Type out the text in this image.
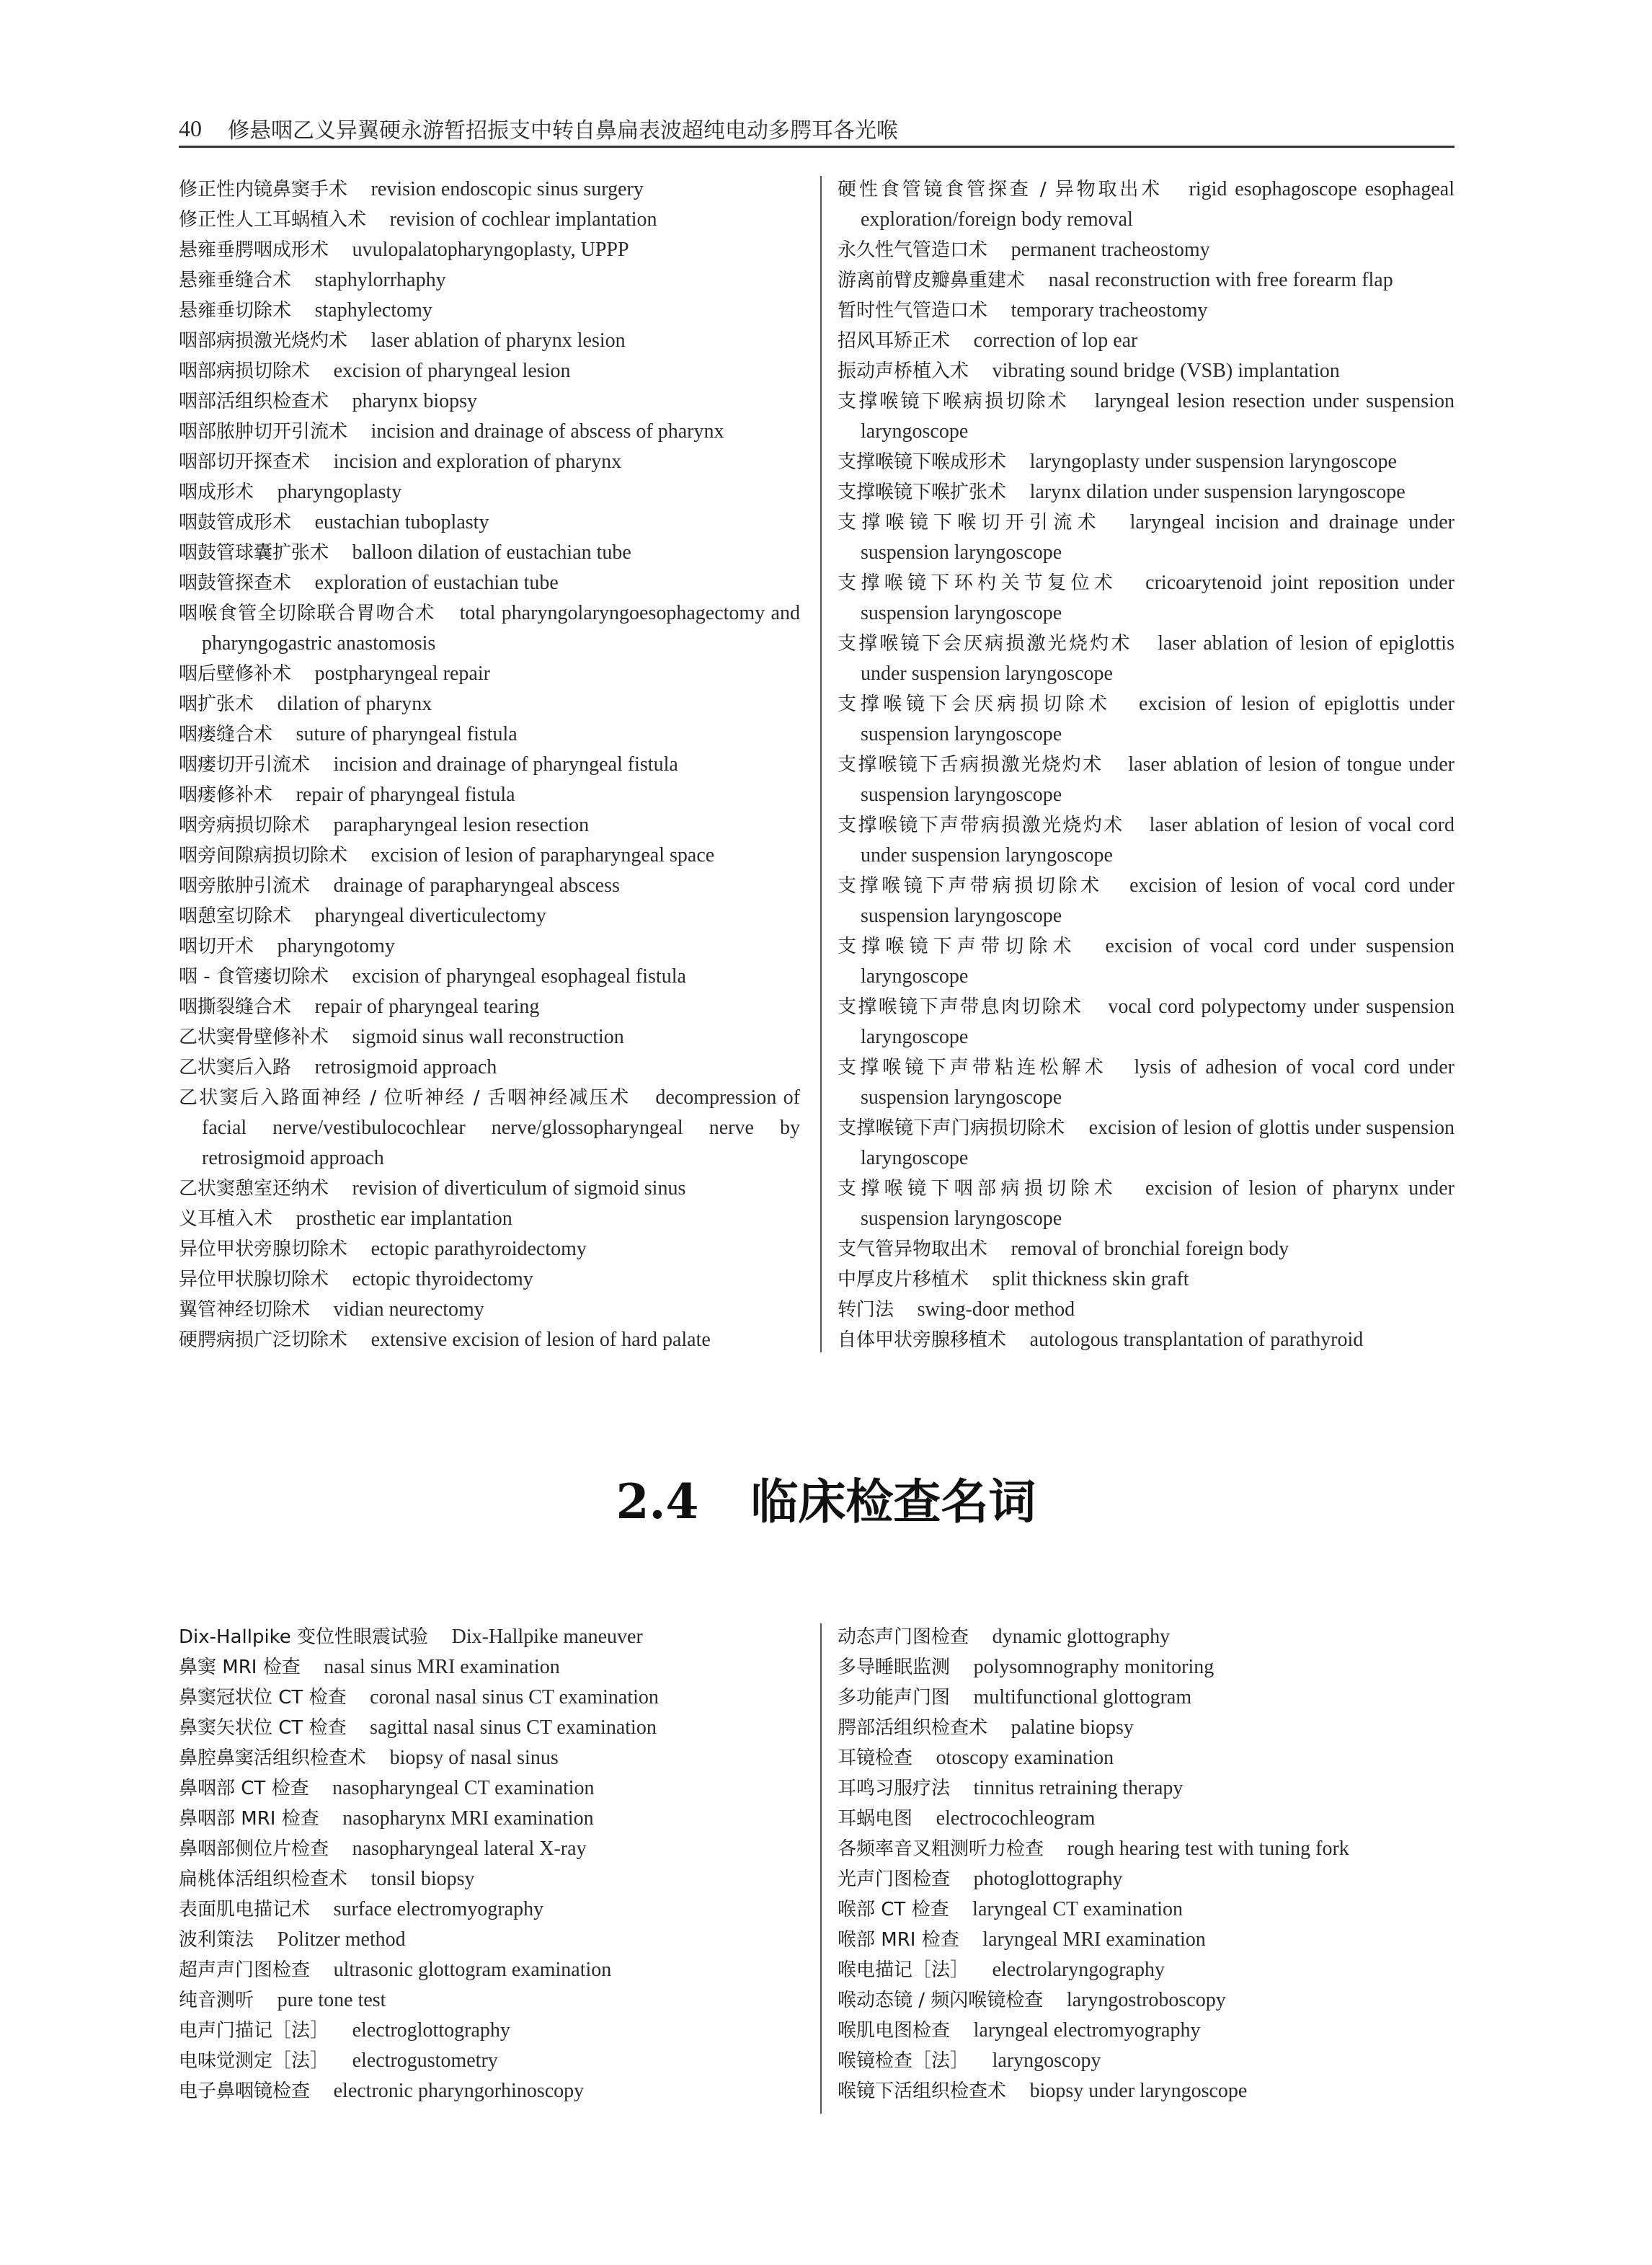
40 修悬咽乙义异翼硬永游暂招振支中转自鼻扁表波超纯电动多腭耳各光喉
修正性内镜鼻窦手术 revision endoscopic sinus surgery
修正性人工耳蜗植入术 revision of cochlear implantation
悬雍垂腭咽成形术 uvulopalatopharyngoplasty, UPPP
悬雍垂缝合术 staphylorrhaphy
悬雍垂切除术 staphylectomy
咽部病损激光烧灼术 laser ablation of pharynx lesion
咽部病损切除术 excision of pharyngeal lesion
咽部活组织检查术 pharynx biopsy
咽部脓肿切开引流术 incision and drainage of abscess of pharynx
咽部切开探查术 incision and exploration of pharynx
咽成形术 pharyngoplasty
咽鼓管成形术 eustachian tuboplasty
咽鼓管球囊扩张术 balloon dilation of eustachian tube
咽鼓管探查术 exploration of eustachian tube
咽喉食管全切除联合胃吻合术 total pharyngolaryngoesophagectomy and pharyngogastric anastomosis
咽后壁修补术 postpharyngeal repair
咽扩张术 dilation of pharynx
咽瘘缝合术 suture of pharyngeal fistula
咽瘘切开引流术 incision and drainage of pharyngeal fistula
咽瘘修补术 repair of pharyngeal fistula
咽旁病损切除术 parapharyngeal lesion resection
咽旁间隙病损切除术 excision of lesion of parapharyngeal space
咽旁脓肿引流术 drainage of parapharyngeal abscess
咽憩室切除术 pharyngeal diverticulectomy
咽切开术 pharyngotomy
咽 - 食管瘘切除术 excision of pharyngeal esophageal fistula
咽撕裂缝合术 repair of pharyngeal tearing
乙状窦骨壁修补术 sigmoid sinus wall reconstruction
乙状窦后入路 retrosigmoid approach
乙状窦后入路面神经 / 位听神经 / 舌咽神经减压术 decompression of facial nerve/vestibulocochlear nerve/glossopharyngeal nerve by retrosigmoid approach
乙状窦憩室还纳术 revision of diverticulum of sigmoid sinus
义耳植入术 prosthetic ear implantation
异位甲状旁腺切除术 ectopic parathyroidectomy
异位甲状腺切除术 ectopic thyroidectomy
翼管神经切除术 vidian neurectomy
硬腭病损广泛切除术 extensive excision of lesion of hard palate
硬性食管镜食管探查 / 异物取出术 rigid esophagoscope esophageal exploration/foreign body removal
永久性气管造口术 permanent tracheostomy
游离前臂皮瓣鼻重建术 nasal reconstruction with free forearm flap
暂时性气管造口术 temporary tracheostomy
招风耳矫正术 correction of lop ear
振动声桥植入术 vibrating sound bridge (VSB) implantation
支撑喉镜下喉病损切除术 laryngeal lesion resection under suspension laryngoscope
支撑喉镜下喉成形术 laryngoplasty under suspension laryngoscope
支撑喉镜下喉扩张术 larynx dilation under suspension laryngoscope
支撑喉镜下喉切开引流术 laryngeal incision and drainage under suspension laryngoscope
支撑喉镜下环杓关节复位术 cricoarytenoid joint reposition under suspension laryngoscope
支撑喉镜下会厌病损激光烧灼术 laser ablation of lesion of epiglottis under suspension laryngoscope
支撑喉镜下会厌病损切除术 excision of lesion of epiglottis under suspension laryngoscope
支撑喉镜下舌病损激光烧灼术 laser ablation of lesion of tongue under suspension laryngoscope
支撑喉镜下声带病损激光烧灼术 laser ablation of lesion of vocal cord under suspension laryngoscope
支撑喉镜下声带病损切除术 excision of lesion of vocal cord under suspension laryngoscope
支撑喉镜下声带切除术 excision of vocal cord under suspension laryngoscope
支撑喉镜下声带息肉切除术 vocal cord polypectomy under suspension laryngoscope
支撑喉镜下声带粘连松解术 lysis of adhesion of vocal cord under suspension laryngoscope
支撑喉镜下声门病损切除术 excision of lesion of glottis under suspension laryngoscope
支撑喉镜下咽部病损切除术 excision of lesion of pharynx under suspension laryngoscope
支气管异物取出术 removal of bronchial foreign body
中厚皮片移植术 split thickness skin graft
转门法 swing-door method
自体甲状旁腺移植术 autologous transplantation of parathyroid
2.4 临床检查名词
Dix-Hallpike 变位性眼震试验 Dix-Hallpike maneuver
鼻窦 MRI 检查 nasal sinus MRI examination
鼻窦冠状位 CT 检查 coronal nasal sinus CT examination
鼻窦矢状位 CT 检查 sagittal nasal sinus CT examination
鼻腔鼻窦活组织检查术 biopsy of nasal sinus
鼻咽部 CT 检查 nasopharyngeal CT examination
鼻咽部 MRI 检查 nasopharynx MRI examination
鼻咽部侧位片检查 nasopharyngeal lateral X-ray
扁桃体活组织检查术 tonsil biopsy
表面肌电描记术 surface electromyography
波利策法 Politzer method
超声声门图检查 ultrasonic glottogram examination
纯音测听 pure tone test
电声门描记［法］ electroglottography
电味觉测定［法］ electrogustometry
电子鼻咽镜检查 electronic pharyngorhinoscopy
动态声门图检查 dynamic glottography
多导睡眠监测 polysomnography monitoring
多功能声门图 multifunctional glottogram
腭部活组织检查术 palatine biopsy
耳镜检查 otoscopy examination
耳鸣习服疗法 tinnitus retraining therapy
耳蜗电图 electrocochleogram
各频率音叉粗测听力检查 rough hearing test with tuning fork
光声门图检查 photoglottography
喉部 CT 检查 laryngeal CT examination
喉部 MRI 检查 laryngeal MRI examination
喉电描记［法］ electrolaryngography
喉动态镜 / 频闪喉镜检查 laryngostroboscopy
喉肌电图检查 laryngeal electromyography
喉镜检查［法］ laryngoscopy
喉镜下活组织检查术 biopsy under laryngoscope
